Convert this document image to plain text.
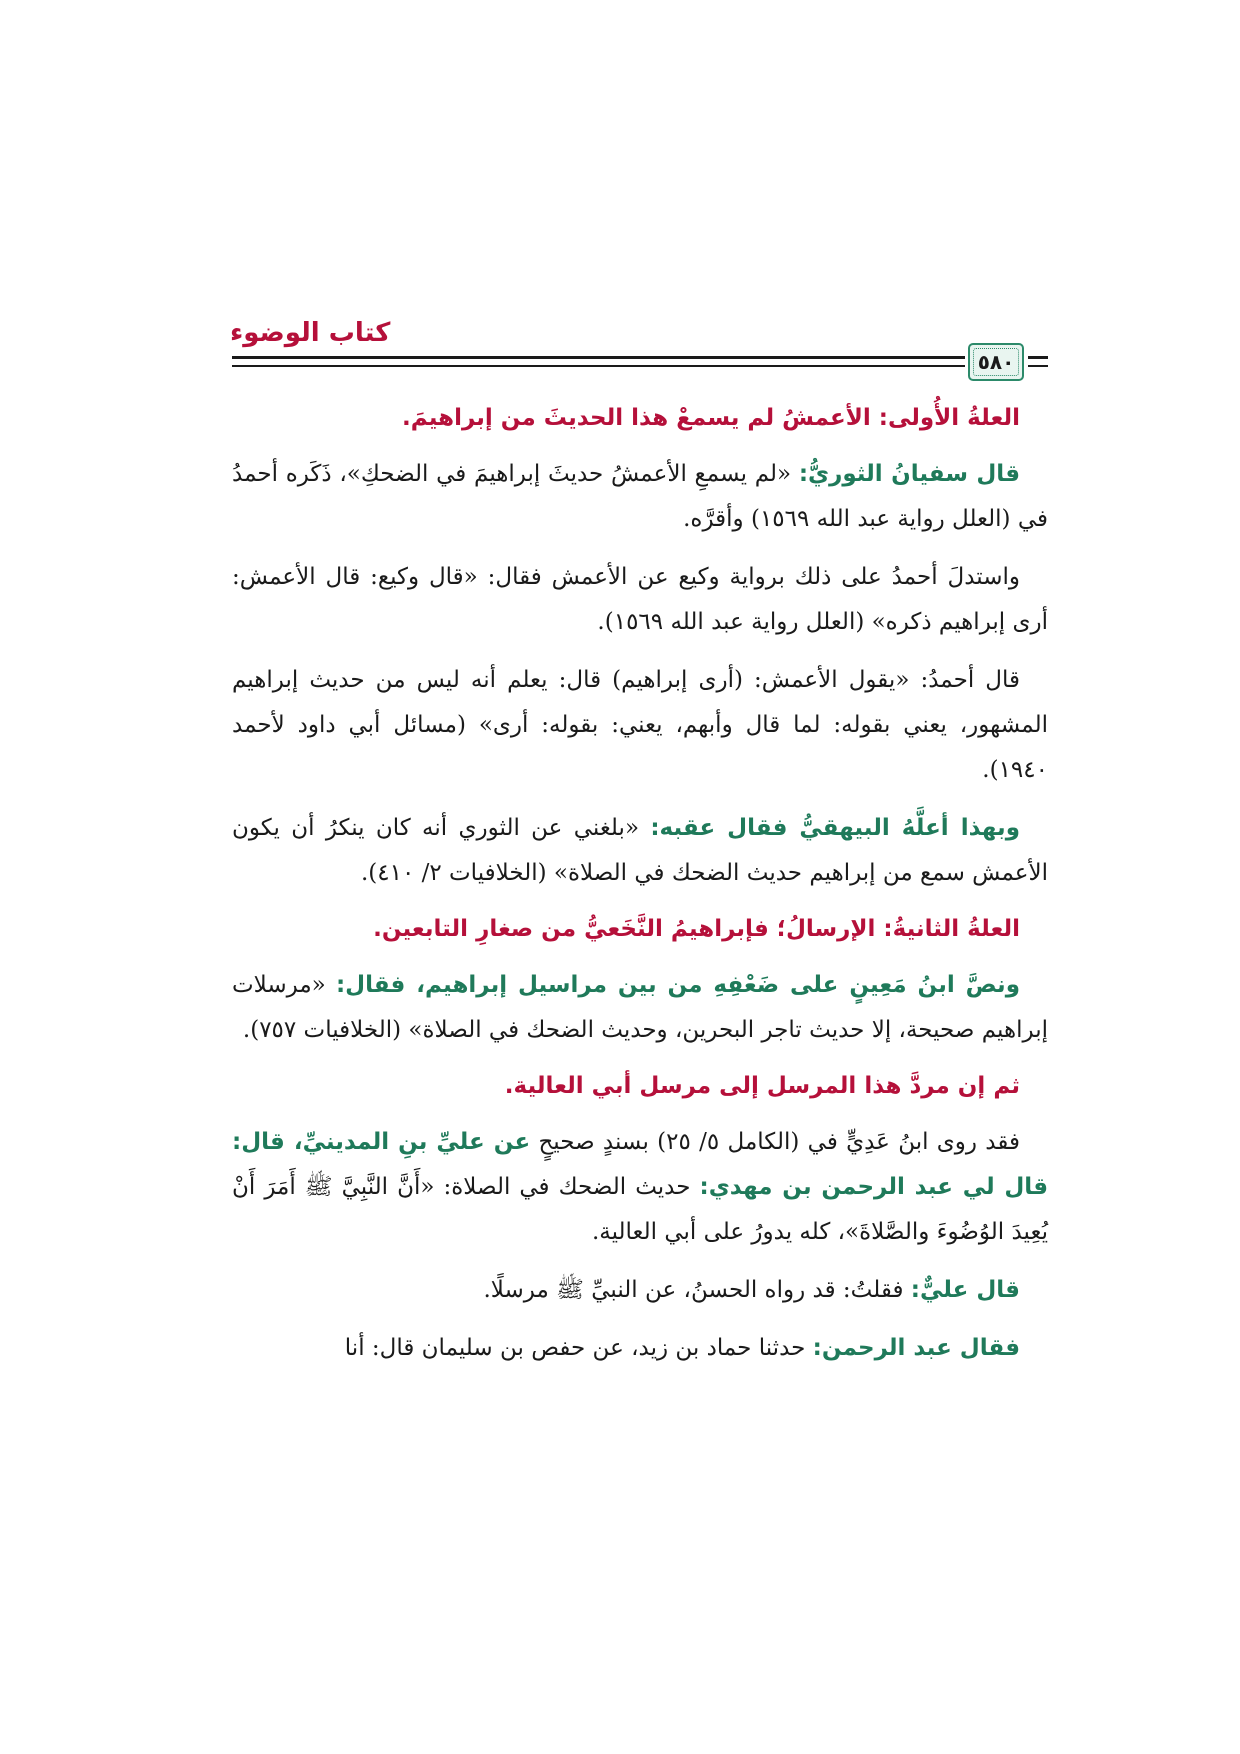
كتاب الوضوء
٥٨٠
العلةُ الأُولى: الأعمشُ لم يسمعْ هذا الحديثَ من إبراهيمَ.

قال سفيانُ الثوريُّ: «لم يسمعِ الأعمشُ حديثَ إبراهيمَ في الضحكِ»، ذَكَره أحمدُ في (العلل رواية عبد الله ١٥٦٩) وأقرَّه.

واستدلَ أحمدُ على ذلك برواية وكيع عن الأعمش فقال: «قال وكيع: قال الأعمش: أرى إبراهيم ذكره» (العلل رواية عبد الله ١٥٦٩).

قال أحمدُ: «يقول الأعمش: (أرى إبراهيم) قال: يعلم أنه ليس من حديث إبراهيم المشهور، يعني بقوله: لما قال وأبهم، يعني: بقوله: أرى» (مسائل أبي داود لأحمد ١٩٤٠).

وبهذا أعلَّهُ البيهقيُّ فقال عقبه: «بلغني عن الثوري أنه كان ينكرُ أن يكون الأعمش سمع من إبراهيم حديث الضحك في الصلاة» (الخلافيات ٢/ ٤١٠).

العلةُ الثانيةُ: الإرسالُ؛ فإبراهيمُ النَّخَعيُّ من صغارِ التابعين.

ونصَّ ابنُ مَعِينٍ على ضَعْفِهِ من بين مراسيل إبراهيم، فقال: «مرسلات إبراهيم صحيحة، إلا حديث تاجر البحرين، وحديث الضحك في الصلاة» (الخلافيات ٧٥٧).

ثم إن مردَّ هذا المرسل إلى مرسل أبي العالية.

فقد روى ابنُ عَدِيٍّ في (الكامل ٥/ ٢٥) بسندٍ صحيحٍ عن عليِّ بنِ المدينيِّ، قال: قال لي عبد الرحمن بن مهدي: حديث الضحك في الصلاة: «أَنَّ النَّبِيَّ ﷺ أَمَرَ أَنْ يُعِيدَ الوُضُوءَ والصَّلاةَ»، كله يدورُ على أبي العالية.

قال عليٌّ: فقلتُ: قد رواه الحسنُ، عن النبيِّ ﷺ مرسلًا.

فقال عبد الرحمن: حدثنا حماد بن زيد، عن حفص بن سليمان قال: أنا
